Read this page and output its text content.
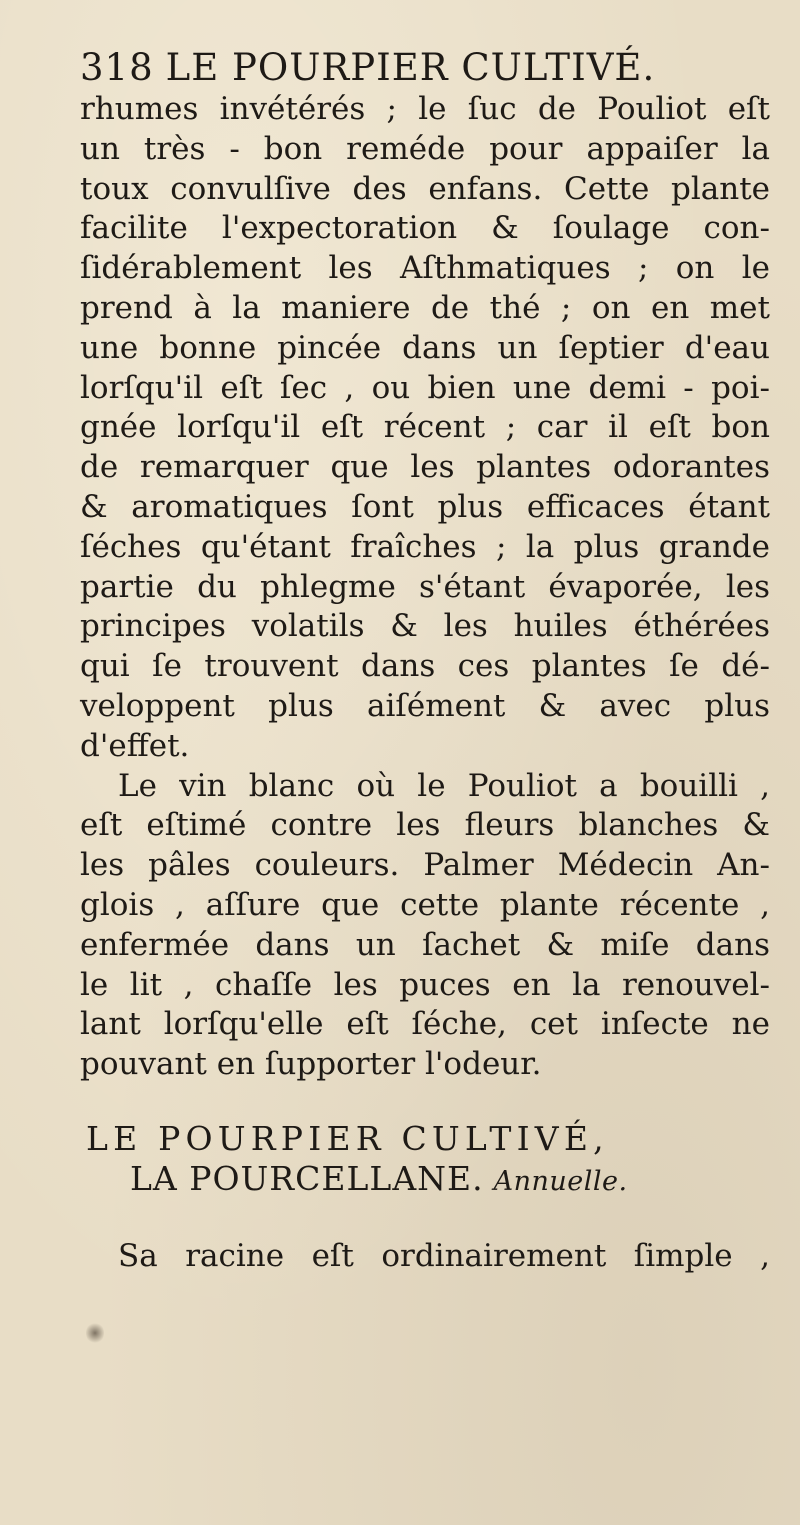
318 LE POURPIER CULTIVÉ.
rhumes invétérés ; le ſuc de Pouliot eſt
un très - bon reméde pour appaiſer la
toux convulſive des enfans. Cette plante
facilite l'expectoration & ſoulage con-
ſidérablement les Aſthmatiques ; on le
prend à la maniere de thé ; on en met
une bonne pincée dans un ſeptier d'eau
lorſqu'il eſt ſec , ou bien une demi - poi-
gnée lorſqu'il eſt récent ; car il eſt bon
de remarquer que les plantes odorantes
& aromatiques ſont plus efficaces étant
ſéches qu'étant fraîches ; la plus grande
partie du phlegme s'étant évaporée, les
principes volatils & les huiles éthérées
qui ſe trouvent dans ces plantes ſe dé-
veloppent plus aiſément & avec plus
d'effet.
Le vin blanc où le Pouliot a bouilli ,
eſt eſtimé contre les fleurs blanches &
les pâles couleurs. Palmer Médecin An-
glois , aſſure que cette plante récente ,
enfermée dans un ſachet & miſe dans
le lit , chaſſe les puces en la renouvel-
lant lorſqu'elle eſt ſéche, cet inſecte ne
pouvant en ſupporter l'odeur.
LE POURPIER CULTIVÉ,
LA POURCELLANE. Annuelle.
Sa racine eſt ordinairement ſimple ,
